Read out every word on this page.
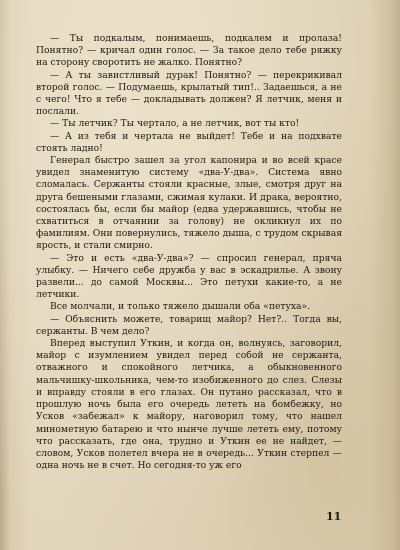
— Ты подкалым, понимаешь, подкалем и пролаза! Понятно? — кричал один голос. — За такое дело тебе ряжку на сторону своротить не жалко. Понятно?

— А ты завистливый дурак! Понятно? — перекрикивал второй голос. — Подумаешь, крылатый тип!.. Задаешься, а не с чего! Что я тебе — докладывать должен? Я летчик, меня и послали.

— Ты летчик? Ты чертало, а не летчик, вот ты кто!

— А из тебя и чертала не выйдет! Тебе и на подхвате стоять ладно!

Генерал быстро зашел за угол капонира и во всей красе увидел знаменитую систему «два-У-два». Система явно сломалась. Сержанты стояли красные, злые, смотря друг на друга бешеными глазами, сжимая кулаки. И драка, вероятно, состоялась бы, если бы майор (едва удержавшись, чтобы не схватиться в отчаянии за голову) не окликнул их по фамилиям. Они повернулись, тяжело дыша, с трудом скрывая ярость, и стали смирно.

— Это и есть «два-У-два»? — спросил генерал, пряча улыбку. — Ничего себе дружба у вас в эскадрилье. А звону развели... до самой Москвы... Это петухи какие-то, а не летчики.

Все молчали, и только тяжело дышали оба «петуха».

— Объяснить можете, товарищ майор? Нет?.. Тогда вы, сержанты. В чем дело?

Вперед выступил Уткин, и когда он, волнуясь, заговорил, майор с изумлением увидел перед собой не сержанта, отважного и спокойного летчика, а обыкновенного мальчишку-школьника, чем-то изобиженного до слез. Слезы и вправду стояли в его глазах. Он путано рассказал, что в прошлую ночь была его очередь лететь на бомбежку, но Усков «забежал» к майору, наговорил тому, что нашел минометную батарею и что нынче лучше лететь ему, потому что рассказать, где она, трудно и Уткин ее не найдет, — словом, Усков полетел вчера не в очередь... Уткин стерпел — одна ночь не в счет. Но сегодня-то уж его

11
